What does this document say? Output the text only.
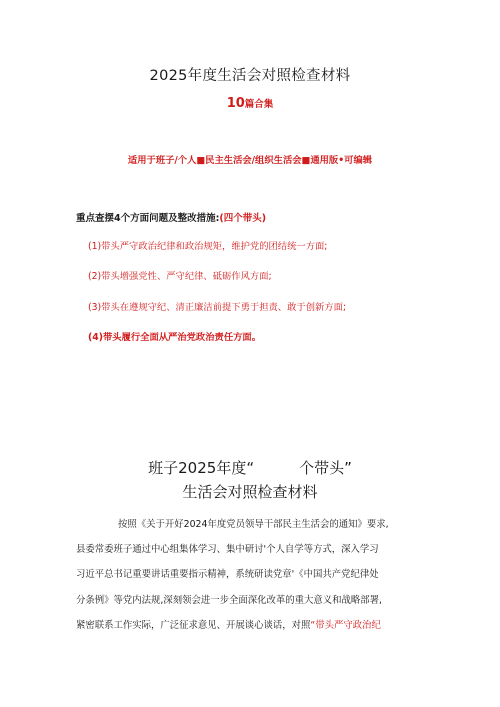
2025年度生活会对照检查材料
10篇合集
适用于班子/个人■民主生活会/组织生活会■通用版•可编辑
重点查摆4个方面问题及整改措施:(四个带头)
(1)带头严守政治纪律和政治规矩，维护党的团结统一方面;
(2)带头增强党性、严守纪律、砥砺作风方面;
(3)带头在遵规守纪、清正廉洁前提下勇于担责、敢于创新方面;
(4)带头履行全面从严治党政治责任方面。
班子2025年度“　　　个带头”
生活会对照检查材料
按照《关于开好2024年度党员领导干部民主生活会的通知》要求,
县委常委班子通过中心组集体学习、集中研讨'个人自学等方式，深入学习
习近平总书记重要讲话重要指示精神，系统研读党章'《中国共产党纪律处
分条例》等党内法规,深刻领会进一步全面深化改革的重大意义和战略部署,
紧密联系工作实际，广泛征求意见、开展谈心谈话，对照“带头严守政治纪
